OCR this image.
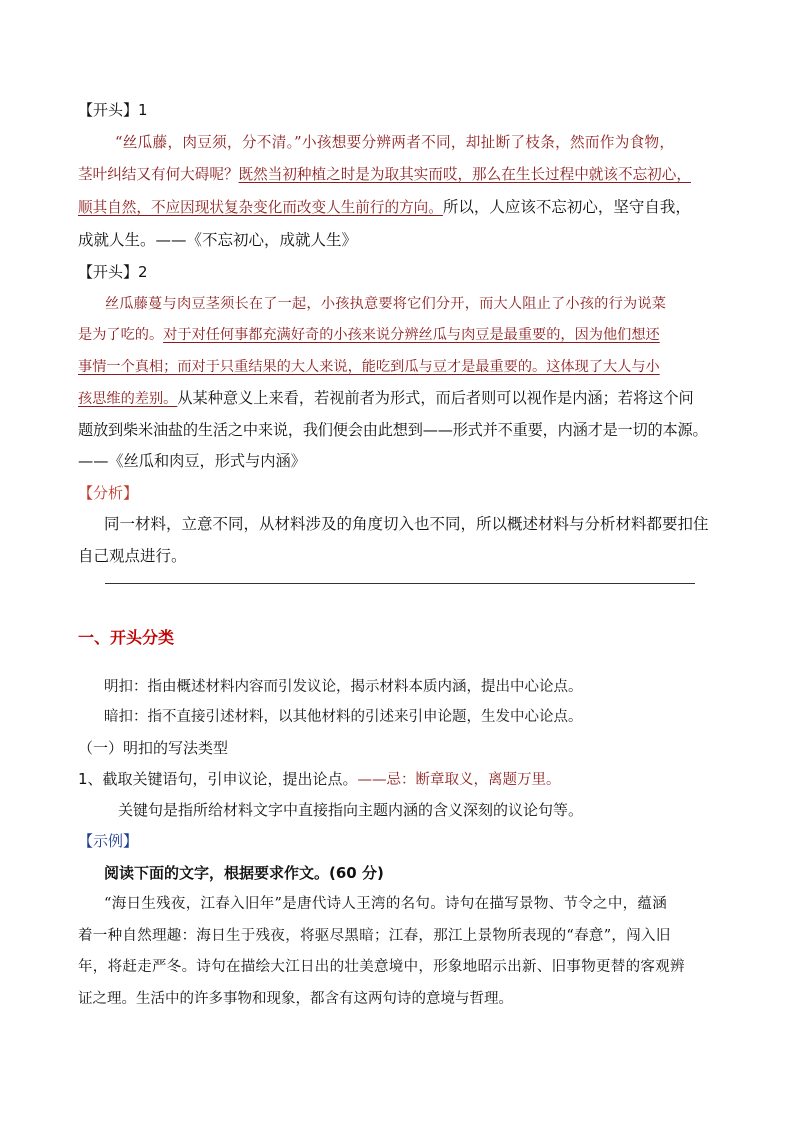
【开头】1
“丝瓜藤，肉豆须，分不清。”小孩想要分辨两者不同，却扯断了枝条，然而作为食物，
茎叶纠结又有何大碍呢？既然当初种植之时是为取其实而哎，那么在生长过程中就该不忘初心，
顺其自然，不应因现状复杂变化而改变人生前行的方向。所以，人应该不忘初心，坚守自我，
成就人生。——《不忘初心，成就人生》
【开头】2
丝瓜藤蔓与肉豆茎须长在了一起，小孩执意要将它们分开，而大人阻止了小孩的行为说菜
是为了吃的。对于对任何事都充满好奇的小孩来说分辨丝瓜与肉豆是最重要的，因为他们想还
事情一个真相；而对于只重结果的大人来说，能吃到瓜与豆才是最重要的。这体现了大人与小
孩思维的差别。从某种意义上来看，若视前者为形式，而后者则可以视作是内涵；若将这个问
题放到柴米油盐的生活之中来说，我们便会由此想到——形式并不重要，内涵才是一切的本源。
——《丝瓜和肉豆，形式与内涵》
【分析】
同一材料，立意不同，从材料涉及的角度切入也不同，所以概述材料与分析材料都要扣住
自己观点进行。
一、开头分类
明扣：指由概述材料内容而引发议论，揭示材料本质内涵，提出中心论点。
暗扣：指不直接引述材料，以其他材料的引述来引申论题，生发中心论点。
（一）明扣的写法类型
1、截取关键语句，引申议论，提出论点。——忌：断章取义，离题万里。
关键句是指所给材料文字中直接指向主题内涵的含义深刻的议论句等。
【示例】
阅读下面的文字，根据要求作文。(60 分)
“海日生残夜，江春入旧年”是唐代诗人王湾的名句。诗句在描写景物、节令之中，蕴涵
着一种自然理趣：海日生于残夜，将驱尽黑暗；江春，那江上景物所表现的“春意”，闯入旧
年，将赶走严冬。诗句在描绘大江日出的壮美意境中，形象地昭示出新、旧事物更替的客观辨
证之理。生活中的许多事物和现象，都含有这两句诗的意境与哲理。
